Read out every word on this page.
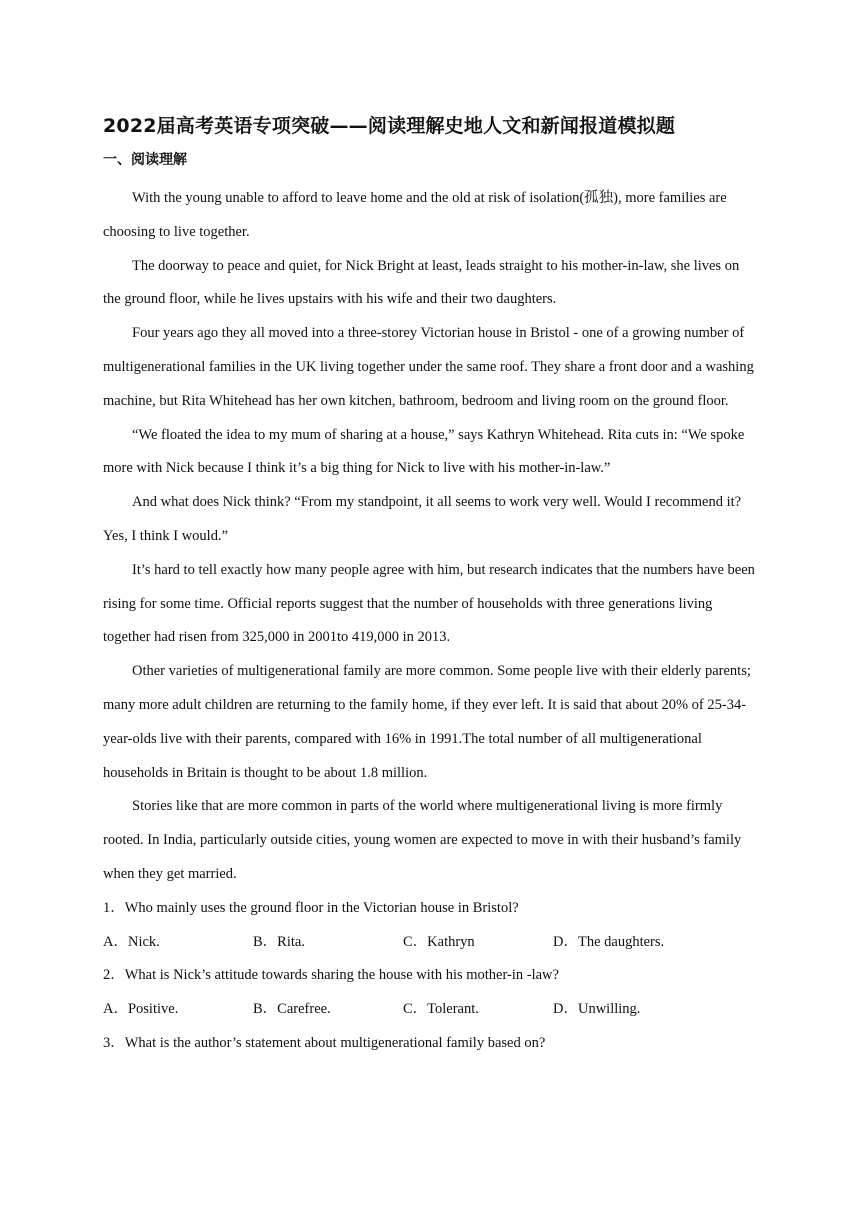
2022届高考英语专项突破——阅读理解史地人文和新闻报道模拟题
一、阅读理解

With the young unable to afford to leave home and the old at risk of isolation(孤独), more families are choosing to live together.

The doorway to peace and quiet, for Nick Bright at least, leads straight to his mother-in-law, she lives on the ground floor, while he lives upstairs with his wife and their two daughters.

Four years ago they all moved into a three-storey Victorian house in Bristol - one of a growing number of multigenerational families in the UK living together under the same roof. They share a front door and a washing machine, but Rita Whitehead has her own kitchen, bathroom, bedroom and living room on the ground floor.

“We floated the idea to my mum of sharing at a house,” says Kathryn Whitehead. Rita cuts in: “We spoke more with Nick because I think it’s a big thing for Nick to live with his mother-in-law.”

And what does Nick think? “From my standpoint, it all seems to work very well. Would I recommend it? Yes, I think I would.”

It’s hard to tell exactly how many people agree with him, but research indicates that the numbers have been rising for some time. Official reports suggest that the number of households with three generations living together had risen from 325,000 in 2001to 419,000 in 2013.

Other varieties of multigenerational family are more common. Some people live with their elderly parents; many more adult children are returning to the family home, if they ever left. It is said that about 20% of 25-34-year-olds live with their parents, compared with 16% in 1991.The total number of all multigenerational households in Britain is thought to be about 1.8 million.

Stories like that are more common in parts of the world where multigenerational living is more firmly rooted. In India, particularly outside cities, young women are expected to move in with their husband’s family when they get married.

1．Who mainly uses the ground floor in the Victorian house in Bristol?

A．Nick.	B．Rita.	C．Kathryn	D．The daughters.

2．What is Nick’s attitude towards sharing the house with his mother-in -law?

A．Positive.	B．Carefree.	C．Tolerant.	D．Unwilling.

3．What is the author’s statement about multigenerational family based on?
